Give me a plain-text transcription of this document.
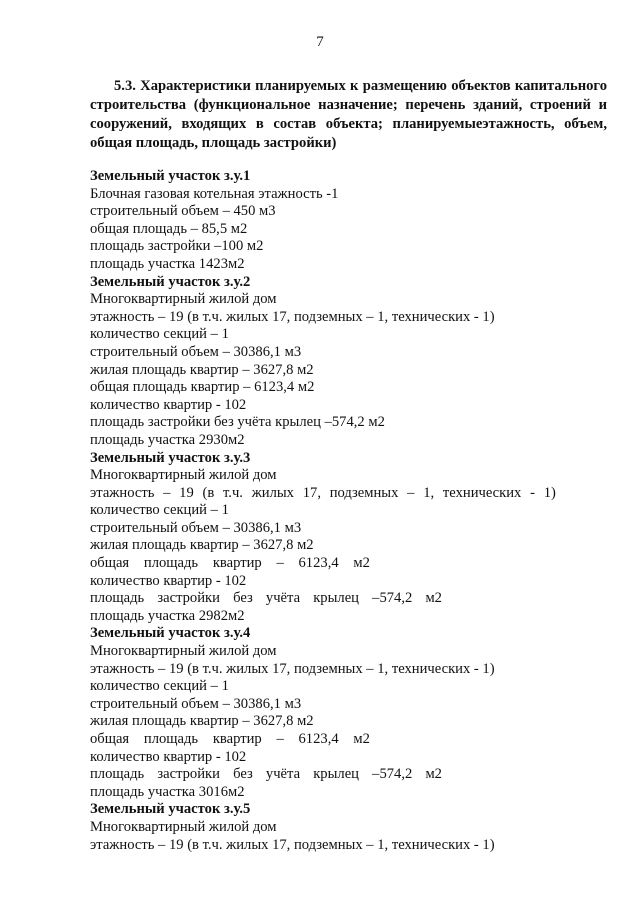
7
5.3. Характеристики планируемых к размещению объектов капитального строительства (функциональное назначение; перечень зданий, строений и сооружений, входящих в состав объекта; планируемыеэтажность, объем, общая площадь, площадь застройки)
Земельный участок з.у.1
Блочная газовая котельная этажность -1
строительный объем – 450 м3
общая площадь – 85,5 м2
площадь застройки –100 м2
площадь участка 1423м2
Земельный участок з.у.2
Многоквартирный жилой дом
этажность – 19 (в т.ч. жилых 17, подземных – 1, технических - 1)
количество секций – 1
строительный объем – 30386,1 м3
жилая площадь квартир – 3627,8 м2
общая площадь квартир – 6123,4 м2
количество квартир - 102
площадь застройки без учёта крылец –574,2 м2
площадь участка 2930м2
Земельный участок з.у.3
Многоквартирный жилой дом
этажность – 19 (в т.ч. жилых 17, подземных – 1, технических - 1)
количество секций – 1
строительный объем – 30386,1 м3
жилая площадь квартир – 3627,8 м2
общая площадь квартир – 6123,4 м2
количество квартир - 102
площадь застройки без учёта крылец –574,2 м2
площадь участка 2982м2
Земельный участок з.у.4
Многоквартирный жилой дом
этажность – 19 (в т.ч. жилых 17, подземных – 1, технических - 1)
количество секций – 1
строительный объем – 30386,1 м3
жилая площадь квартир – 3627,8 м2
общая площадь квартир – 6123,4 м2
количество квартир - 102
площадь застройки без учёта крылец –574,2 м2
площадь участка 3016м2
Земельный участок з.у.5
Многоквартирный жилой дом
этажность – 19 (в т.ч. жилых 17, подземных – 1, технических - 1)
